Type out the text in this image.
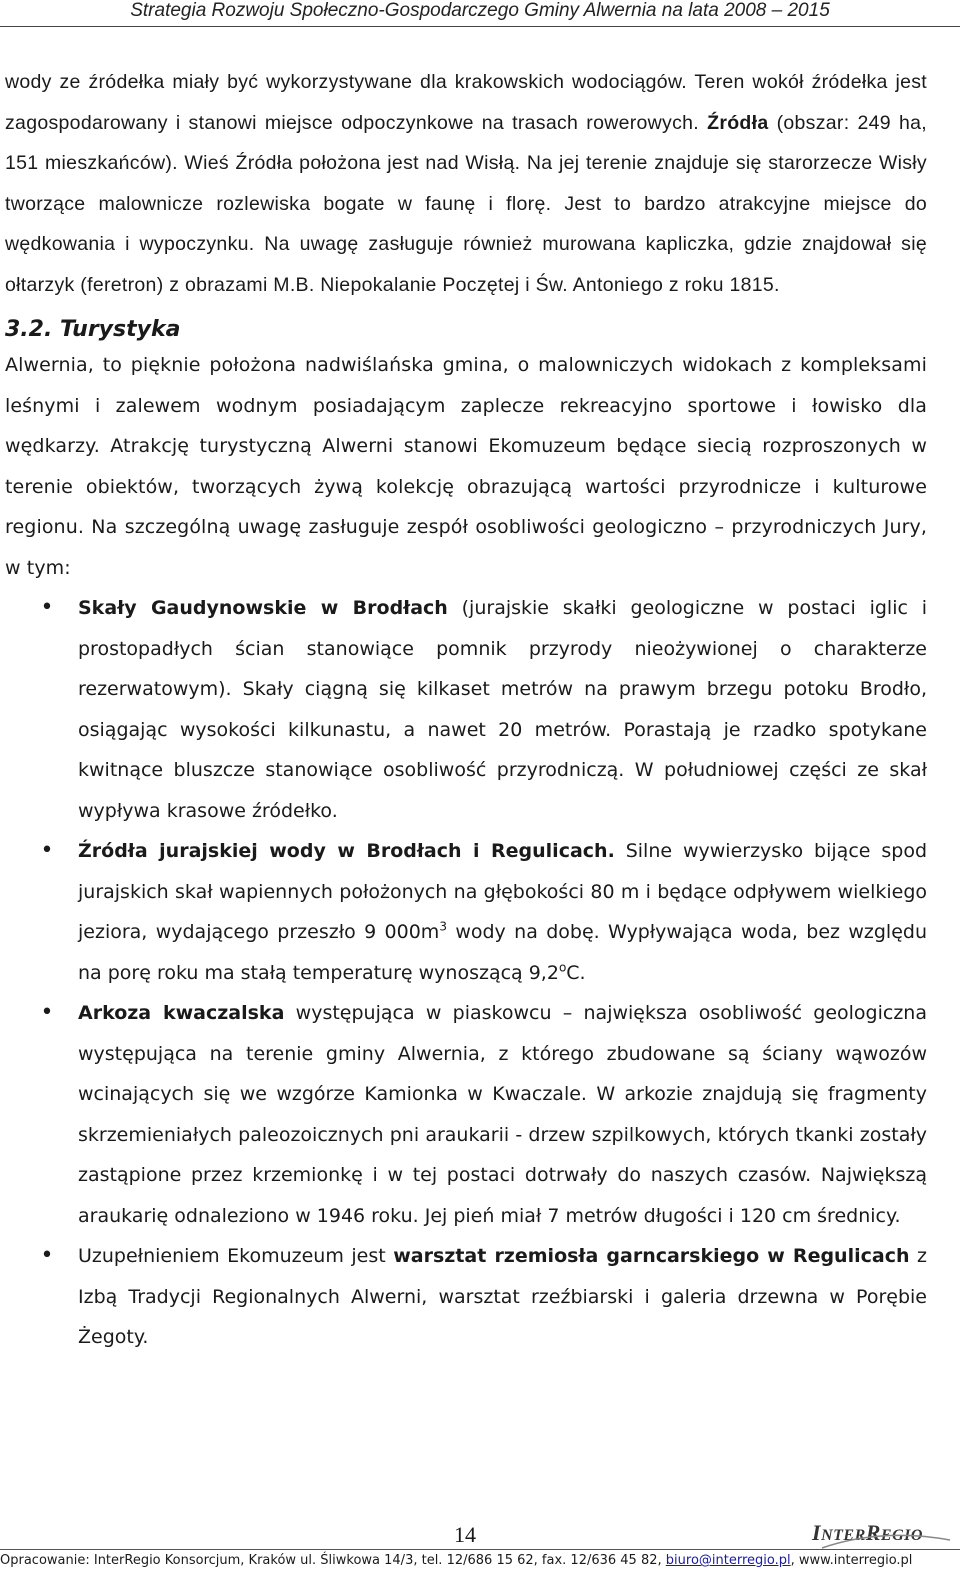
Strategia Rozwoju Społeczno-Gospodarczego Gminy Alwernia na lata 2008 – 2015

wody ze źródełka miały być wykorzystywane dla krakowskich wodociągów. Teren wokół źródełka jest zagospodarowany i stanowi miejsce odpoczynkowe na trasach rowerowych. Źródła (obszar: 249 ha, 151 mieszkańców). Wieś Źródła położona jest nad Wisłą. Na jej terenie znajduje się starorzecze Wisły tworzące malownicze rozlewiska bogate w faunę i florę. Jest to bardzo atrakcyjne miejsce do wędkowania i wypoczynku. Na uwagę zasługuje również murowana kapliczka, gdzie znajdował się ołtarzyk (feretron) z obrazami M.B. Niepokalanie Poczętej i Św. Antoniego z roku 1815.

3.2. Turystyka

Alwernia, to pięknie położona nadwiślańska gmina, o malowniczych widokach z kompleksami leśnymi i zalewem wodnym posiadającym zaplecze rekreacyjno sportowe i łowisko dla wędkarzy. Atrakcję turystyczną Alwerni stanowi Ekomuzeum będące siecią rozproszonych w terenie obiektów, tworzących żywą kolekcję obrazującą wartości przyrodnicze i kulturowe regionu. Na szczególną uwagę zasługuje zespół osobliwości geologiczno – przyrodniczych Jury, w tym:

• Skały Gaudynowskie w Brodłach (jurajskie skałki geologiczne w postaci iglic i prostopadłych ścian stanowiące pomnik przyrody nieożywionej o charakterze rezerwatowym). Skały ciągną się kilkaset metrów na prawym brzegu potoku Brodło, osiągając wysokości kilkunastu, a nawet 20 metrów. Porastają je rzadko spotykane kwitnące bluszcze stanowiące osobliwość przyrodniczą. W południowej części ze skał wypływa krasowe źródełko.
• Źródła jurajskiej wody w Brodłach i Regulicach. Silne wywierzysko bijące spod jurajskich skał wapiennych położonych na głębokości 80 m i będące odpływem wielkiego jeziora, wydającego przeszło 9 $000m^3$ wody na dobę. Wypływająca woda, bez względu na porę roku ma stałą temperaturę wynoszącą 9,2$^o$C.
• Arkoza kwaczalska występująca w piaskowcu – największa osobliwość geologiczna występująca na terenie gminy Alwernia, z którego zbudowane są ściany wąwozów wcinających się we wzgórze Kamionka w Kwaczale. W arkozie znajdują się fragmenty skrzemieniałych paleozoicznych pni araukarii - drzew szpilkowych, których tkanki zostały zastąpione przez krzemionkę i w tej postaci dotrwały do naszych czasów. Największą araukarię odnaleziono w 1946 roku. Jej pień miał 7 metrów długości i 120 cm średnicy.
• Uzupełnieniem Ekomuzeum jest warsztat rzemiosła garncarskiego w Regulicach z Izbą Tradycji Regionalnych Alwerni, warsztat rzeźbiarski i galeria drzewna w Porębie Żegoty.
14	INTERREGIO
Opracowanie: InterRegio Konsorcjum, Kraków ul. Śliwkowa 14/3, tel. 12/686 15 62, fax. 12/636 45 82, biuro@interregio.pl, www.interregio.pl
